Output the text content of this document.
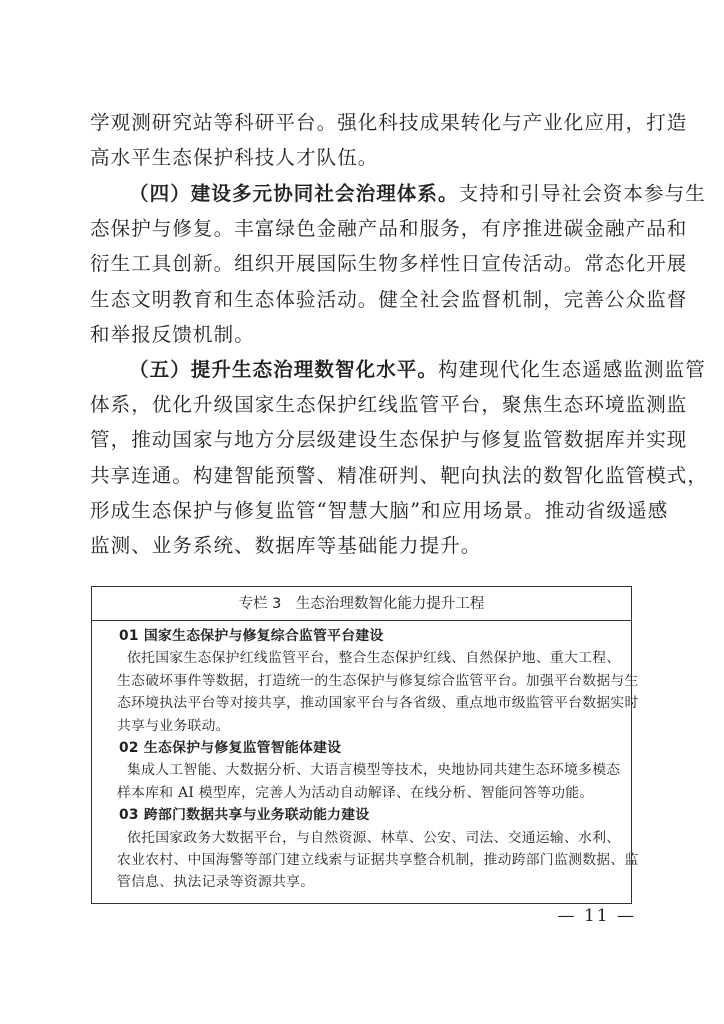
学观测研究站等科研平台。强化科技成果转化与产业化应用，打造
高水平生态保护科技人才队伍。
（四）建设多元协同社会治理体系。支持和引导社会资本参与生
态保护与修复。丰富绿色金融产品和服务，有序推进碳金融产品和
衍生工具创新。组织开展国际生物多样性日宣传活动。常态化开展
生态文明教育和生态体验活动。健全社会监督机制，完善公众监督
和举报反馈机制。
（五）提升生态治理数智化水平。构建现代化生态遥感监测监管
体系，优化升级国家生态保护红线监管平台，聚焦生态环境监测监
管，推动国家与地方分层级建设生态保护与修复监管数据库并实现
共享连通。构建智能预警、精准研判、靶向执法的数智化监管模式，
形成生态保护与修复监管“智慧大脑”和应用场景。推动省级遥感
监测、业务系统、数据库等基础能力提升。
专栏 3　生态治理数智化能力提升工程
01 国家生态保护与修复综合监管平台建设
依托国家生态保护红线监管平台，整合生态保护红线、自然保护地、重大工程、
生态破坏事件等数据，打造统一的生态保护与修复综合监管平台。加强平台数据与生
态环境执法平台等对接共享，推动国家平台与各省级、重点地市级监管平台数据实时
共享与业务联动。
02 生态保护与修复监管智能体建设
集成人工智能、大数据分析、大语言模型等技术，央地协同共建生态环境多模态
样本库和 AI 模型库，完善人为活动自动解译、在线分析、智能问答等功能。
03 跨部门数据共享与业务联动能力建设
依托国家政务大数据平台，与自然资源、林草、公安、司法、交通运输、水利、
农业农村、中国海警等部门建立线索与证据共享整合机制，推动跨部门监测数据、监
管信息、执法记录等资源共享。
— 11 —
